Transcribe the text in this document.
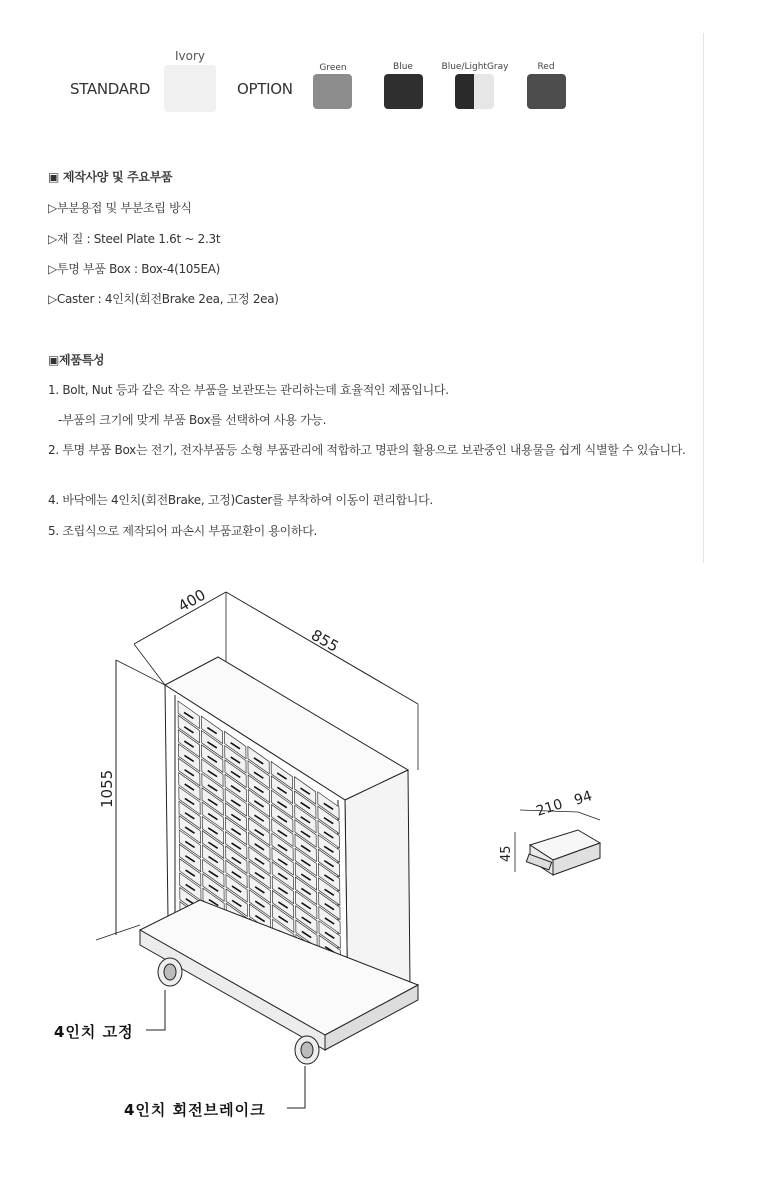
STANDARD
Ivory
OPTION
Green	Blue	Blue/LightGray	Red
▣ 제작사양 및 주요부품
▷부분용접 및 부분조립 방식
▷재 질 : Steel Plate 1.6t ~ 2.3t
▷투명 부품 Box : Box-4(105EA)
▷Caster : 4인치(회전Brake 2ea, 고정 2ea)
▣제품특성
1. Bolt, Nut 등과 같은 작은 부품을 보관또는 관리하는데 효율적인 제품입니다.
-부품의 크기에 맞게 부품 Box를 선택하여 사용 가능.
2. 투명 부품 Box는 전기, 전자부품등 소형 부품관리에 적합하고 명판의 활용으로 보관중인 내용물을 쉽게 식별할 수 있습니다.
4. 바닥에는 4인치(회전Brake, 고정)Caster를 부착하여 이동이 편리합니다.
5. 조립식으로 제작되어 파손시 부품교환이 용이하다.
400
855
1055
210 94
45
4인치 고정
4인치 회전브레이크
